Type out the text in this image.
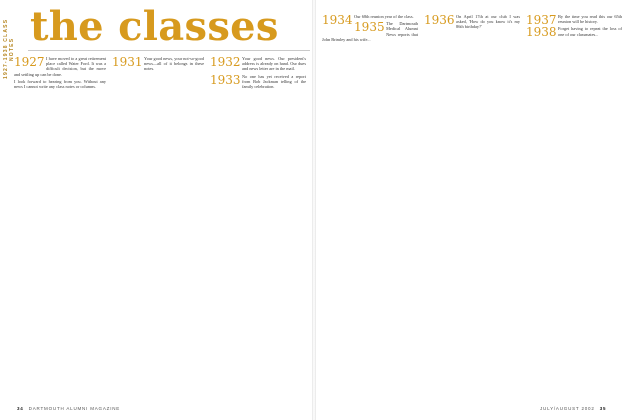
1927-1938 CLASS NOTES the classes
1927 I have moved to a great retirement place called Water Ford. It was a difficult decision, but the move and settling up can be done.
I look forward to hearing from you. Without any news I cannot write any class notes or columns.
1931 Your good news, your not-so-good news—all of it belongs in these notes.	1932 Your good news. Our president's address is already on hand. Our dues and news letter are in the mail.
1933 No one has yet received a report from Bob Jackman telling of the family celebration.
1934 Our 68th reunion year of the class.
1935 The Dartmouth Medical Alumni News reports that John Brimley and his wife...
1936 On April 17th at our club I was asked, 'How do you know it's my 86th birthday?'	1937 By the time you read this our 65th reunion will be history.
1938 Forget having to repeat the loss of one of our classmates...
34 DARTMOUTH ALUMNI MAGAZINE	JULY/AUGUST 2002 35
